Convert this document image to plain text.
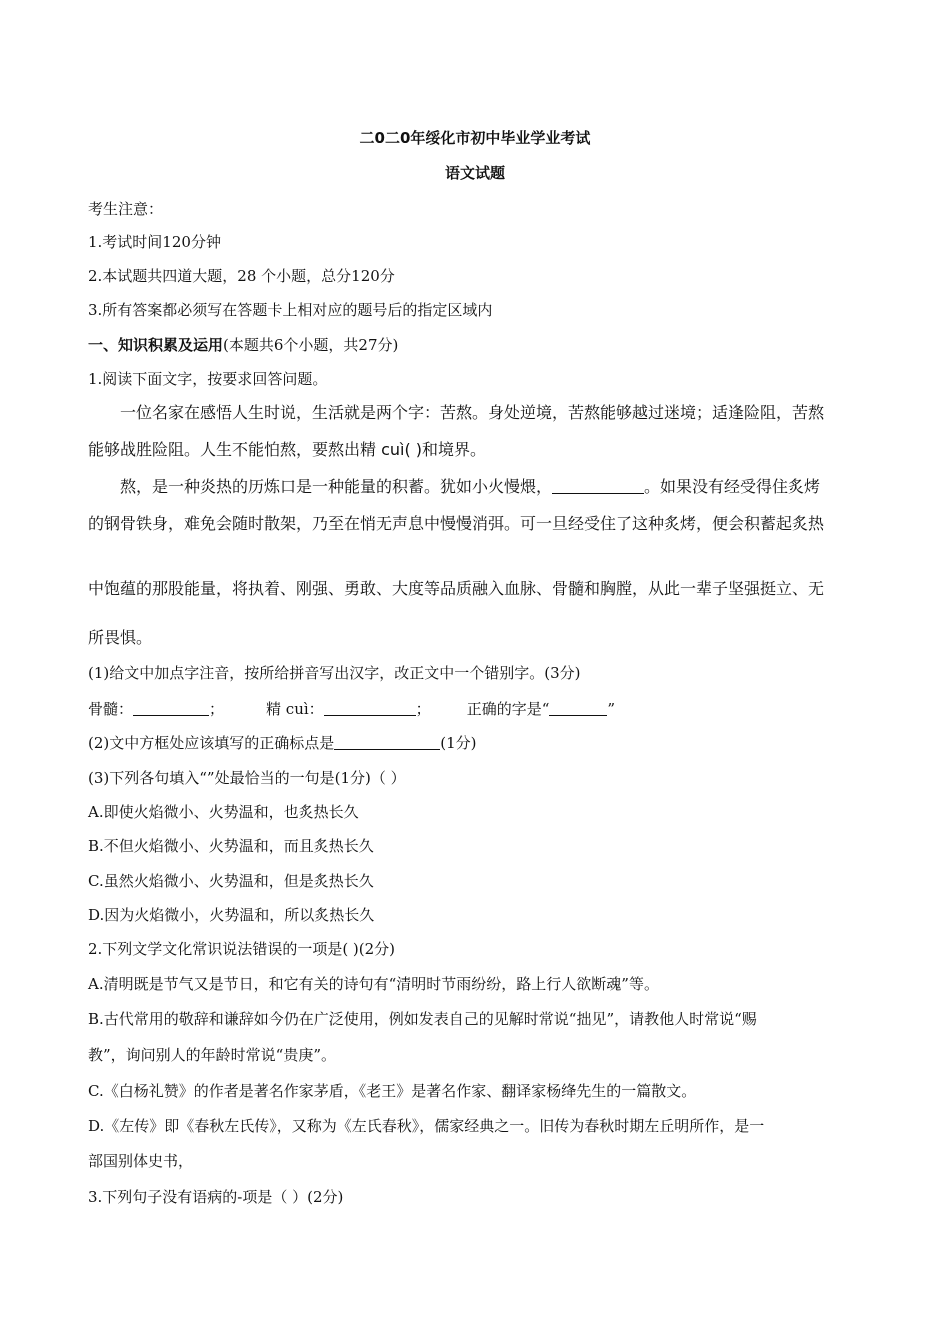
二0二0年绥化市初中毕业学业考试
语文试题
考生注意：
1.考试时间120分钟
2.本试题共四道大题，28 个小题，总分120分
3.所有答案都必须写在答题卡上相对应的题号后的指定区域内
一、知识积累及运用(本题共6个小题，共27分)
1.阅读下面文字，按要求回答问题。
一位名家在感悟人生时说，生活就是两个字：苦熬。身处逆境，苦熬能够越过迷境；适逢险阻，苦熬
能够战胜险阻。人生不能怕熬，要熬出精 cuì( )和境界。
熬，是一种炎热的历炼口是一种能量的积蓄。犹如小火慢煨，	。如果没有经受得住炙烤
的钢骨铁身，难免会随时散架，乃至在悄无声息中慢慢消弭。可一旦经受住了这种炙烤，便会积蓄起炙热
中饱蕴的那股能量，将执着、刚强、勇敢、大度等品质融入血脉、骨髓和胸膛，从此一辈子坚强挺立、无
所畏惧。
(1)给文中加点字注音，按所给拼音写出汉字，改正文中一个错别字。(3分)
骨髓：	；	精 cuì：	； 正确的字是“	”
(2)文中方框处应该填写的正确标点是	(1分)
(3)下列各句填入“”处最恰当的一句是(1分)（ ）
A.即使火焰微小、火势温和，也炙热长久
B.不但火焰微小、火势温和，而且炙热长久
C.虽然火焰微小、火势温和，但是炙热长久
D.因为火焰微小，火势温和，所以炙热长久
2.下列文学文化常识说法错误的一项是( )(2分)
A.清明既是节气又是节日，和它有关的诗句有“清明时节雨纷纷，路上行人欲断魂”等。
B.古代常用的敬辞和谦辞如今仍在广泛使用，例如发表自己的见解时常说“拙见”，请教他人时常说“赐
教”，询问别人的年龄时常说“贵庚”。
C.《白杨礼赞》的作者是著名作家茅盾，《老王》是著名作家、翻译家杨绛先生的一篇散文。
D.《左传》即《春秋左氏传》，又称为《左氏春秋》，儒家经典之一。旧传为春秋时期左丘明所作，是一
部国别体史书，
3.下列句子没有语病的-项是（ ）(2分)
